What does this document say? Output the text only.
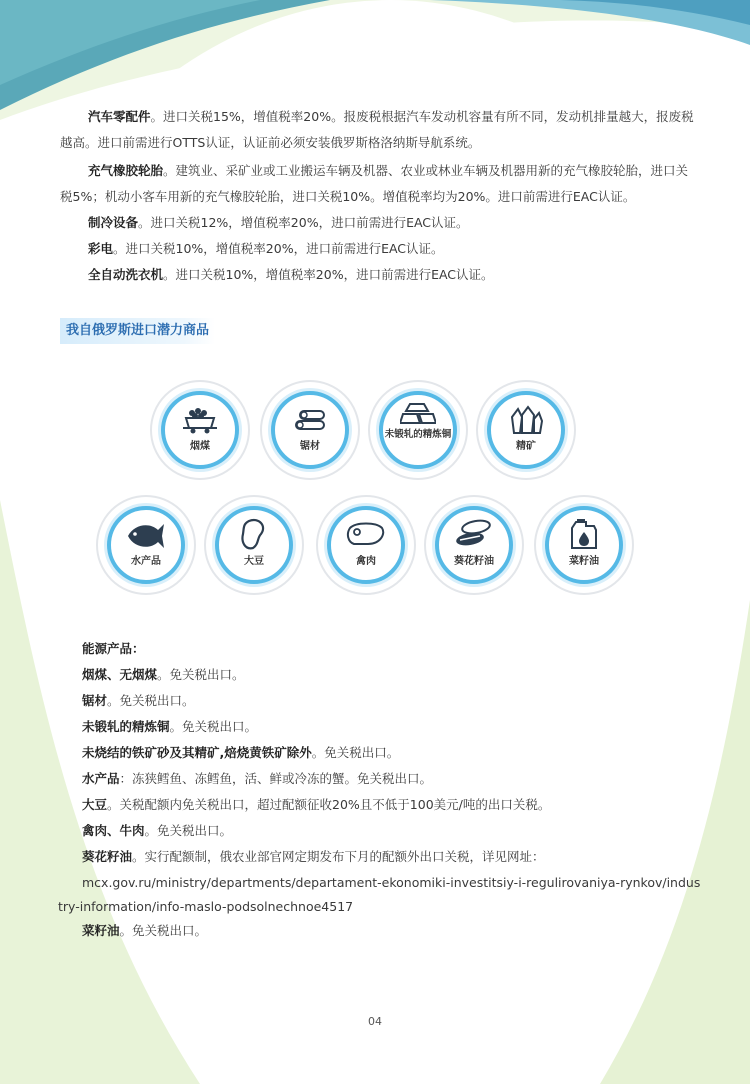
汽车零配件。进口关税15%，增值税率20%。报废税根据汽车发动机容量有所不同，发动机排量越大，报废税越高。进口前需进行OTTS认证，认证前必须安装俄罗斯格洛纳斯导航系统。
充气橡胶轮胎。建筑业、采矿业或工业搬运车辆及机器、农业或林业车辆及机器用新的充气橡胶轮胎，进口关税5%；机动小客车用新的充气橡胶轮胎，进口关税10%。增值税率均为20%。进口前需进行EAC认证。
制冷设备。进口关税12%，增值税率20%，进口前需进行EAC认证。
彩电。进口关税10%，增值税率20%，进口前需进行EAC认证。
全自动洗衣机。进口关税10%，增值税率20%，进口前需进行EAC认证。
我自俄罗斯进口潜力商品
烟煤	锯材
未锻轧的精炼铜
精矿
水产品	大豆	禽肉	葵花籽油	菜籽油
能源产品：
烟煤、无烟煤。免关税出口。
锯材。免关税出口。
未锻轧的精炼铜。免关税出口。
未烧结的铁矿砂及其精矿,焙烧黄铁矿除外。免关税出口。
水产品：冻狭鳕鱼、冻鳕鱼，活、鲜或冷冻的蟹。免关税出口。
大豆。关税配额内免关税出口，超过配额征收20%且不低于100美元/吨的出口关税。
禽肉、牛肉。免关税出口。
葵花籽油。实行配额制，俄农业部官网定期发布下月的配额外出口关税，详见网址：
mcx.gov.ru/ministry/departments/departament-ekonomiki-investitsiy-i-regulirovaniya-rynkov/indus
try-information/info-maslo-podsolnechnoe4517
菜籽油。免关税出口。
04
